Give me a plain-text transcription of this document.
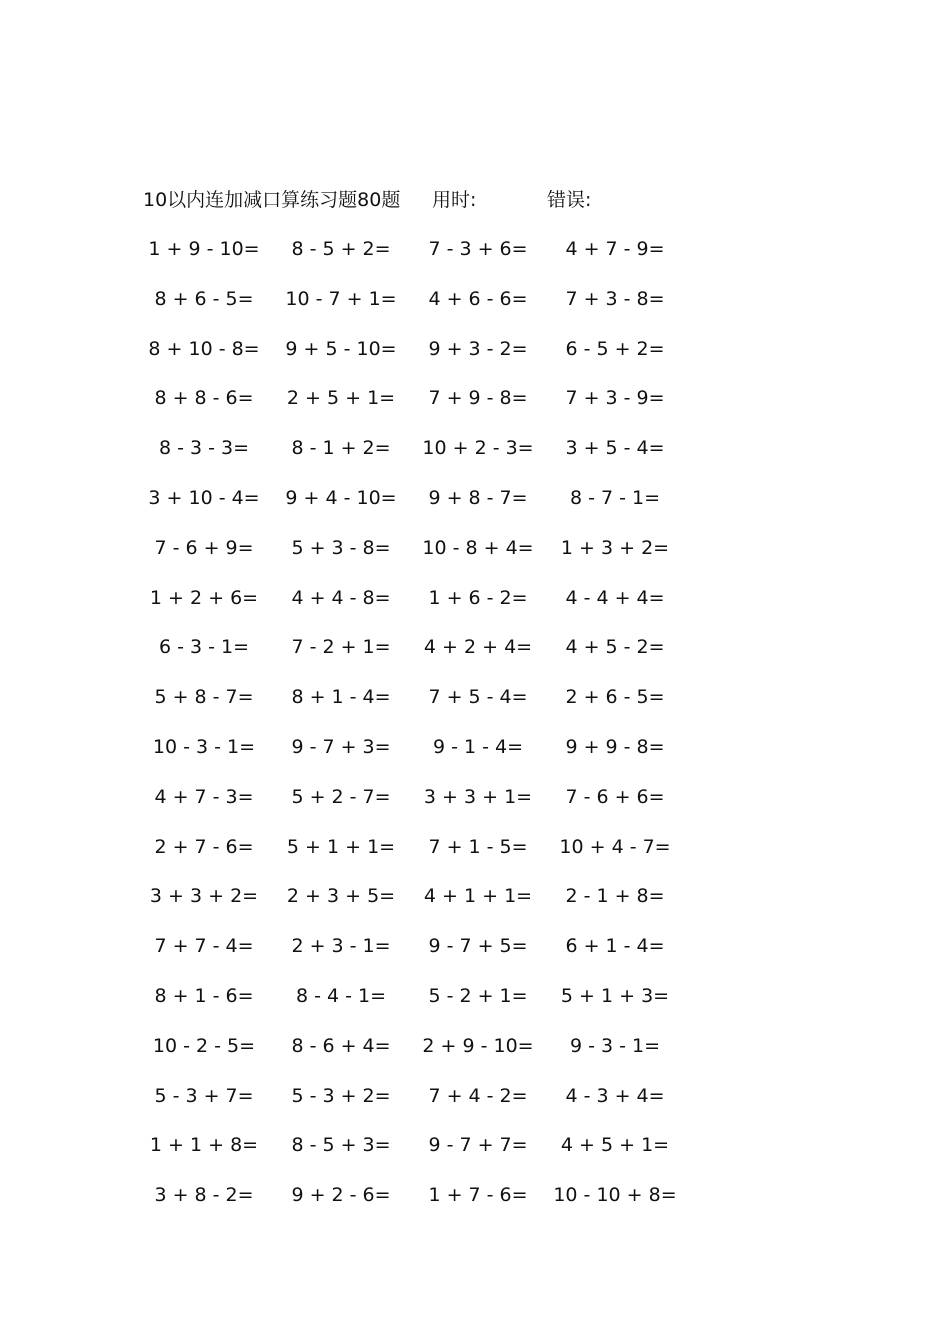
10以内连加减口算练习题80题 用时:	错误:
1 + 9 - 10=	8 - 5 + 2=	7 - 3 + 6=	4 + 7 - 9=
8 + 6 - 5=	10 - 7 + 1=	4 + 6 - 6=	7 + 3 - 8=
8 + 10 - 8=	9 + 5 - 10=	9 + 3 - 2=	6 - 5 + 2=
8 + 8 - 6=	2 + 5 + 1=	7 + 9 - 8=	7 + 3 - 9=
8 - 3 - 3=	8 - 1 + 2=	10 + 2 - 3=	3 + 5 - 4=
3 + 10 - 4=	9 + 4 - 10=	9 + 8 - 7=	8 - 7 - 1=
7 - 6 + 9=	5 + 3 - 8=	10 - 8 + 4=	1 + 3 + 2=
1 + 2 + 6=	4 + 4 - 8=	1 + 6 - 2=	4 - 4 + 4=
6 - 3 - 1=	7 - 2 + 1=	4 + 2 + 4=	4 + 5 - 2=
5 + 8 - 7=	8 + 1 - 4=	7 + 5 - 4=	2 + 6 - 5=
10 - 3 - 1=	9 - 7 + 3=	9 - 1 - 4=	9 + 9 - 8=
4 + 7 - 3=	5 + 2 - 7=	3 + 3 + 1=	7 - 6 + 6=
2 + 7 - 6=	5 + 1 + 1=	7 + 1 - 5=	10 + 4 - 7=
3 + 3 + 2=	2 + 3 + 5=	4 + 1 + 1=	2 - 1 + 8=
7 + 7 - 4=	2 + 3 - 1=	9 - 7 + 5=	6 + 1 - 4=
8 + 1 - 6=	8 - 4 - 1=	5 - 2 + 1=	5 + 1 + 3=
10 - 2 - 5=	8 - 6 + 4=	2 + 9 - 10=	9 - 3 - 1=
5 - 3 + 7=	5 - 3 + 2=	7 + 4 - 2=	4 - 3 + 4=
1 + 1 + 8=	8 - 5 + 3=	9 - 7 + 7=	4 + 5 + 1=
3 + 8 - 2=	9 + 2 - 6=	1 + 7 - 6=	10 - 10 + 8=
